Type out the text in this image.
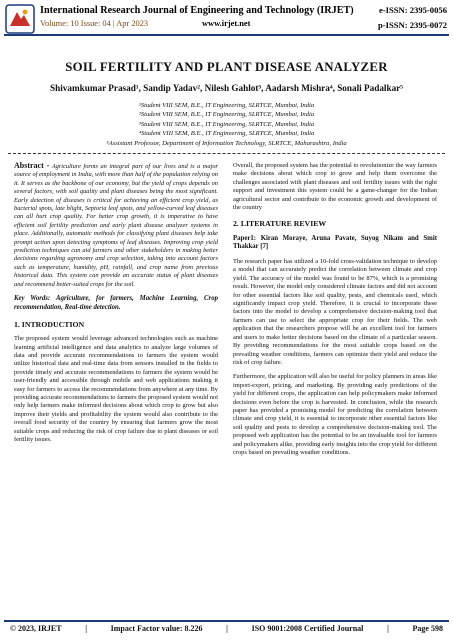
International Research Journal of Engineering and Technology (IRJET)
Volume: 10 Issue: 04 | Apr 2023	www.irjet.net
e-ISSN: 2395-0056
p-ISSN: 2395-0072
SOIL FERTILITY AND PLANT DISEASE ANALYZER
Shivamkumar Prasad¹, Sandip Yadav², Nilesh Gahlot³, Aadarsh Mishra⁴, Sonali Padalkar⁵
¹Student VIII SEM, B.E., IT Engineering, SLRTCE, Mumbai, India
²Student VIII SEM, B.E., IT Engineering, SLRTCE, Mumbai, India
³Student VIII SEM, B.E., IT Engineering, SLRTCE, Mumbai, India
⁴Student VIII SEM, B.E., IT Engineering, SLRTCE, Mumbai, India
⁵Assistant Professor, Department of Information Technology, SLRTCE, Maharashtra, India

Abstract - Agriculture forms an integral part of our lives and is a major source of employment in India, with more than half of the population relying on it. It serves as the backbone of our economy, but the yield of crops depends on several factors, with soil quality and plant diseases being the most significant. Early detection of diseases is critical for achieving an efficient crop yield, as bacterial spots, late blight, Septoria leaf spots, and yellow-curved leaf diseases can all hurt crop quality. For better crop growth, it is imperative to have efficient soil fertility prediction and early plant disease analyzer systems in place. Additionally, automatic methods for classifying plant diseases help take prompt action upon detecting symptoms of leaf diseases. Improving crop yield prediction techniques can aid farmers and other stakeholders in making better decisions regarding agronomy and crop selection, taking into account factors such as temperature, humidity, pH, rainfall, and crop name from previous historical data. This system can provide an accurate status of plant diseases and recommend better-suited crops for the soil.

Key Words: Agriculture, for farmers, Machine Learning, Crop recommendation, Real-time detection.

1. INTRODUCTION

The proposed system would leverage advanced technologies such as machine learning artificial intelligence and data analytics to analyze large volumes of data and provide accurate recommendations to farmers the system would utilize historical data and real-time data from sensors installed in the fields to provide timely and accurate recommendations to farmers the system would be user-friendly and accessible through mobile and web applications making it easy for farmers to access the recommendations from anywhere at any time. By providing accurate recommendations to farmers the proposed system would not only help farmers make informed decisions about which crop to grow but also improve their yields and profitability the system would also contribute to the overall food security of the country by ensuring that farmers grow the most suitable crops and reducing the risk of crop failure due to plant diseases or soil fertility issues.

Overall, the proposed system has the potential to revolutionize the way farmers make decisions about which crop to grow and help them overcome the challenges associated with plant diseases and soil fertility issues with the right support and investment this system could be a game-changer for the Indian agricultural sector and contribute to the economic growth and development of the country

2. LITERATURE REVIEW
Paper1: Kiran Moraye, Aruna Pavate, Suyog Nikam and Smit Thakkar [7]

The research paper has utilized a 10-fold cross-validation technique to develop a model that can accurately predict the correlation between climate and crop yield. The accuracy of the model was found to be 87%, which is a promising result. However, the model only considered climate factors and did not account for other essential factors like soil quality, pests, and chemicals used, which significantly impact crop yield. Therefore, it is crucial to incorporate these factors into the model to develop a comprehensive decision-making tool that farmers can use to select the appropriate crop for their fields. The web application that the researchers propose will be an excellent tool for farmers and users to make better decisions based on the climate of a particular season. By providing recommendations for the most suitable crops based on the prevailing weather conditions, farmers can optimize their yield and reduce the risk of crop failure.

Furthermore, the application will also be useful for policy planners in areas like import-export, pricing, and marketing. By providing early predictions of the yield for different crops, the application can help policymakers make informed decisions even before the crop is harvested. In conclusion, while the research paper has provided a promising model for predicting the correlation between climate and crop yield, it is essential to incorporate other essential factors like soil quality and pests to develop a comprehensive decision-making tool. The proposed web application has the potential to be an invaluable tool for farmers and policymakers alike, providing early insights into the crop yield for different crops based on prevailing weather conditions.

© 2023, IRJET	|	Impact Factor value: 8.226	|	ISO 9001:2008 Certified Journal	|	Page 598
